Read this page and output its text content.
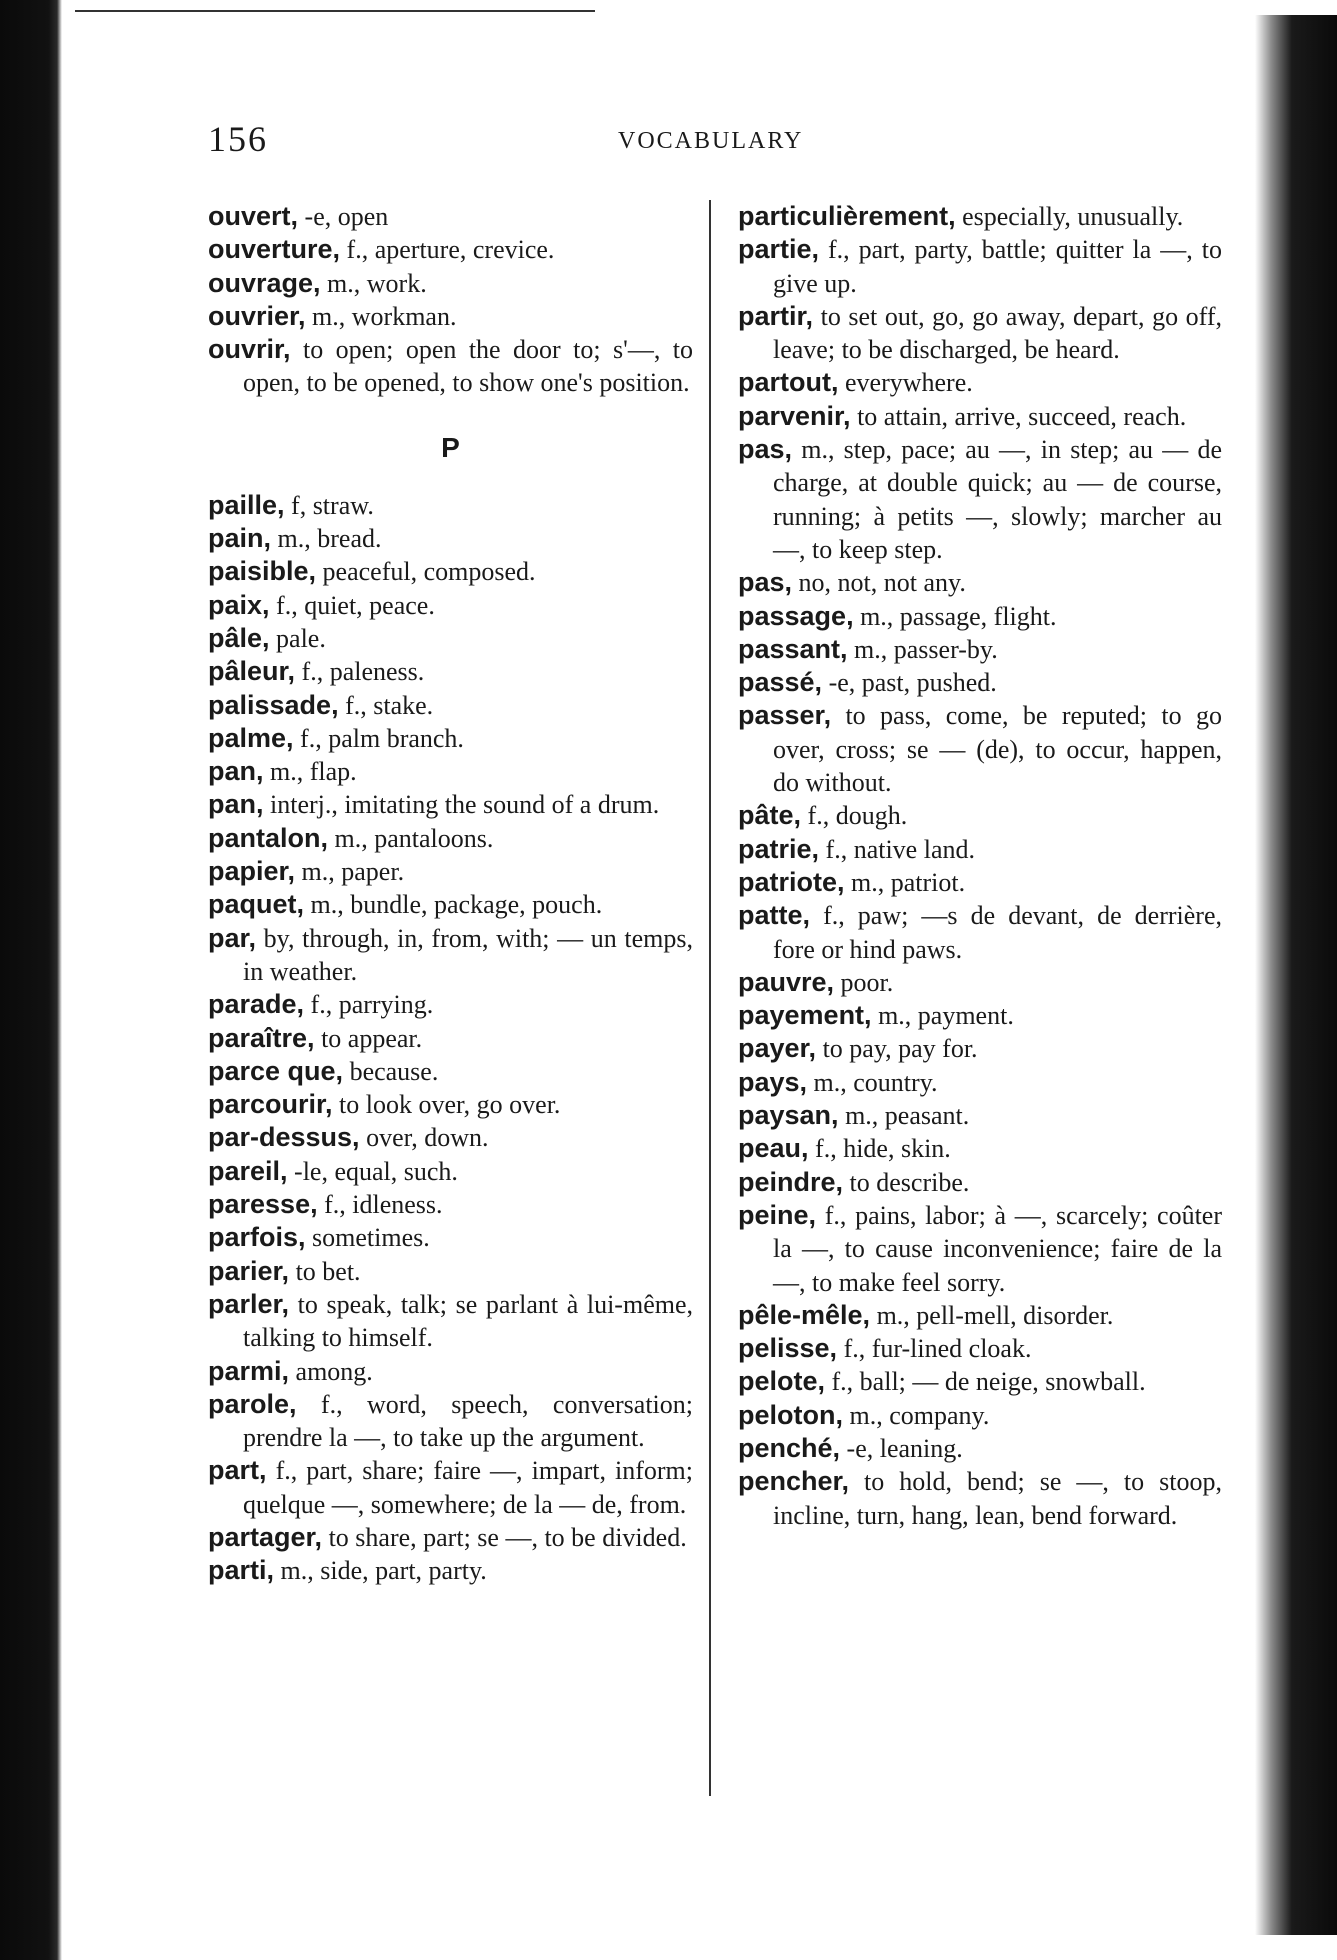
156	VOCABULARY

ouvert, -e, open

ouverture, f., aperture, crevice.

ouvrage, m., work.

ouvrier, m., workman.

ouvrir, to open; open the door to; s'—, to open, to be opened, to show one's position.

P

paille, f, straw.

pain, m., bread.

paisible, peaceful, composed.

paix, f., quiet, peace.

pâle, pale.

pâleur, f., paleness.

palissade, f., stake.

palme, f., palm branch.

pan, m., flap.

pan, interj., imitating the sound of a drum.

pantalon, m., pantaloons.

papier, m., paper.

paquet, m., bundle, package, pouch.

par, by, through, in, from, with; — un temps, in weather.

parade, f., parrying.

paraître, to appear.

parce que, because.

parcourir, to look over, go over.

par-dessus, over, down.

pareil, -le, equal, such.

paresse, f., idleness.

parfois, sometimes.

parier, to bet.

parler, to speak, talk; se parlant à lui-même, talking to himself.

parmi, among.

parole, f., word, speech, conversation; prendre la —, to take up the argument.

part, f., part, share; faire —, impart, inform; quelque —, somewhere; de la — de, from.

partager, to share, part; se —, to be divided.

parti, m., side, part, party.

particulièrement, especially, unusually.

partie, f., part, party, battle; quitter la —, to give up.

partir, to set out, go, go away, depart, go off, leave; to be discharged, be heard.

partout, everywhere.

parvenir, to attain, arrive, succeed, reach.

pas, m., step, pace; au —, in step; au — de charge, at double quick; au — de course, running; à petits —, slowly; marcher au —, to keep step.

pas, no, not, not any.

passage, m., passage, flight.

passant, m., passer-by.

passé, -e, past, pushed.

passer, to pass, come, be reputed; to go over, cross; se — (de), to occur, happen, do without.

pâte, f., dough.

patrie, f., native land.

patriote, m., patriot.

patte, f., paw; —s de devant, de derrière, fore or hind paws.

pauvre, poor.

payement, m., payment.

payer, to pay, pay for.

pays, m., country.

paysan, m., peasant.

peau, f., hide, skin.

peindre, to describe.

peine, f., pains, labor; à —, scarcely; coûter la —, to cause inconvenience; faire de la —, to make feel sorry.

pêle-mêle, m., pell-mell, disorder.

pelisse, f., fur-lined cloak.

pelote, f., ball; — de neige, snowball.

peloton, m., company.

penché, -e, leaning.

pencher, to hold, bend; se —, to stoop, incline, turn, hang, lean, bend forward.
